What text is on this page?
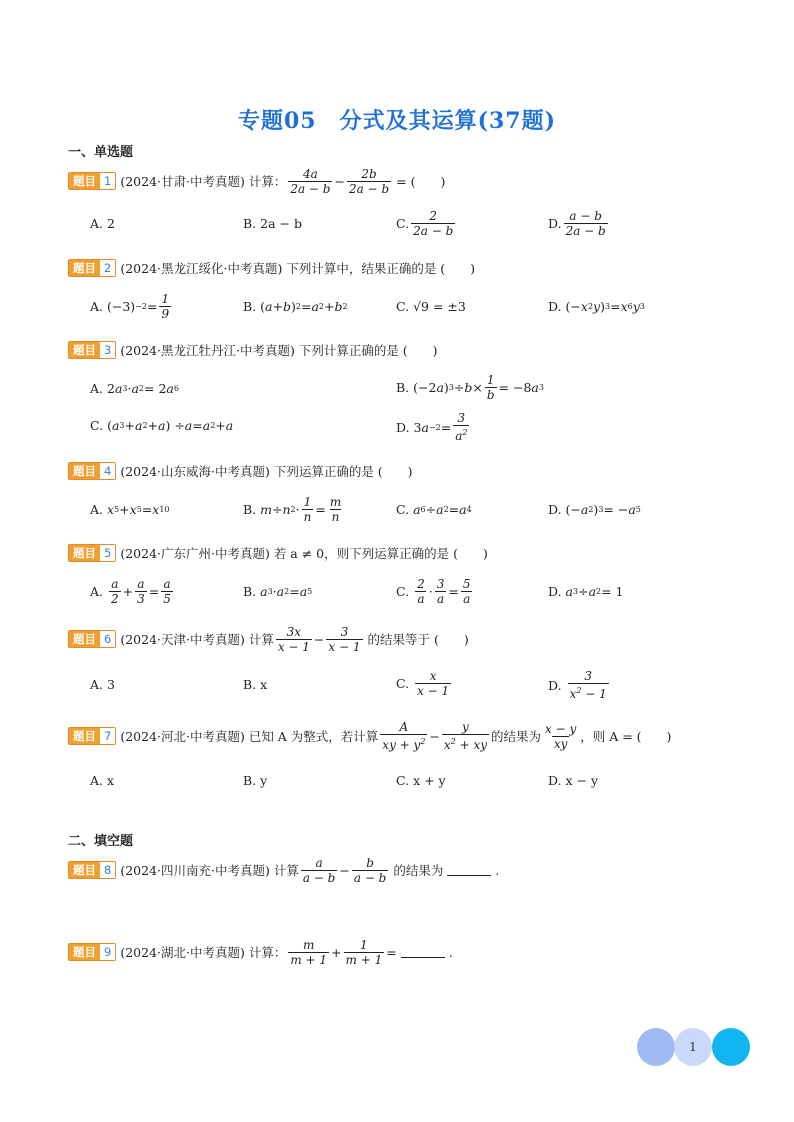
专题05　分式及其运算(37题)
一、单选题
题目 1 (2024·甘肃·中考真题) 计算： $\frac{4a}{2a - b} - \frac{2b}{2a - b}$ = (　　)
A. 2	B. 2a − b	C. $\frac{2}{2a - b}$	D. $\frac{a - b}{2a - b}$
题目 2 (2024·黑龙江绥化·中考真题) 下列计算中，结果正确的是 (　　)
A. $(-3) -2 = \frac{1}{9}$	B. ( a + b ) 2 = a 2 + b 2	C. √9 = ±3	D. (− x 2 y ) 3 = x 6 y 3
题目 3 (2024·黑龙江牡丹江·中考真题) 下列计算正确的是 (　　)
A. 2 a 3 · a 2 = 2 a 6	B. (−2 a ) $3 \div b \times \frac{1}{b} = -8$ a 3
C. ( a 3 + a 2 + a ) ÷ a = a 2 + a	D. 3 $a -2 = \frac{3}{a^2}$
题目 4 (2024·山东威海·中考真题) 下列运算正确的是 (　　)
A. x 5 + x 5 = x 10	B. m ÷ n $2 \cdot \frac{1}{n} = \frac{m}{n}$	C. a 6 ÷ a 2 = a 4	D. (− a 2 ) 3 = − a 5
题目 5 (2024·广东广州·中考真题) 若 a ≠ 0，则下列运算正确的是 (　　)
A. $\frac{a}{2} + \frac{a}{3} = \frac{a}{5}$	B. a 3 · a 2 = a 5	C. $\frac{2}{a} \cdot \frac{3}{a} = \frac{5}{a}$	D. a 3 ÷ a 2 = 1
题目 6 (2024·天津·中考真题) 计算 $\frac{3x}{x - 1} - \frac{3}{x - 1}$ 的结果等于 (　　)
A. 3	B. x	C. $\frac{x}{x - 1}$	D. $\frac{3}{x^2 - 1}$
题目 7 (2024·河北·中考真题) 已知 A 为整式，若计算 $\frac{A}{xy + y^2} - \frac{y}{x^2 + xy}$ 的结果为 $\frac{x - y}{xy}$ ，则 A = (　　)
A. x	B. y	C. x + y	D. x − y
二、填空题
题目 8 (2024·四川南充·中考真题) 计算 $\frac{a}{a - b} - \frac{b}{a - b}$ 的结果为	.
题目 9 (2024·湖北·中考真题) 计算： $\frac{m}{m + 1} + \frac{1}{m + 1}$ =	.
1
